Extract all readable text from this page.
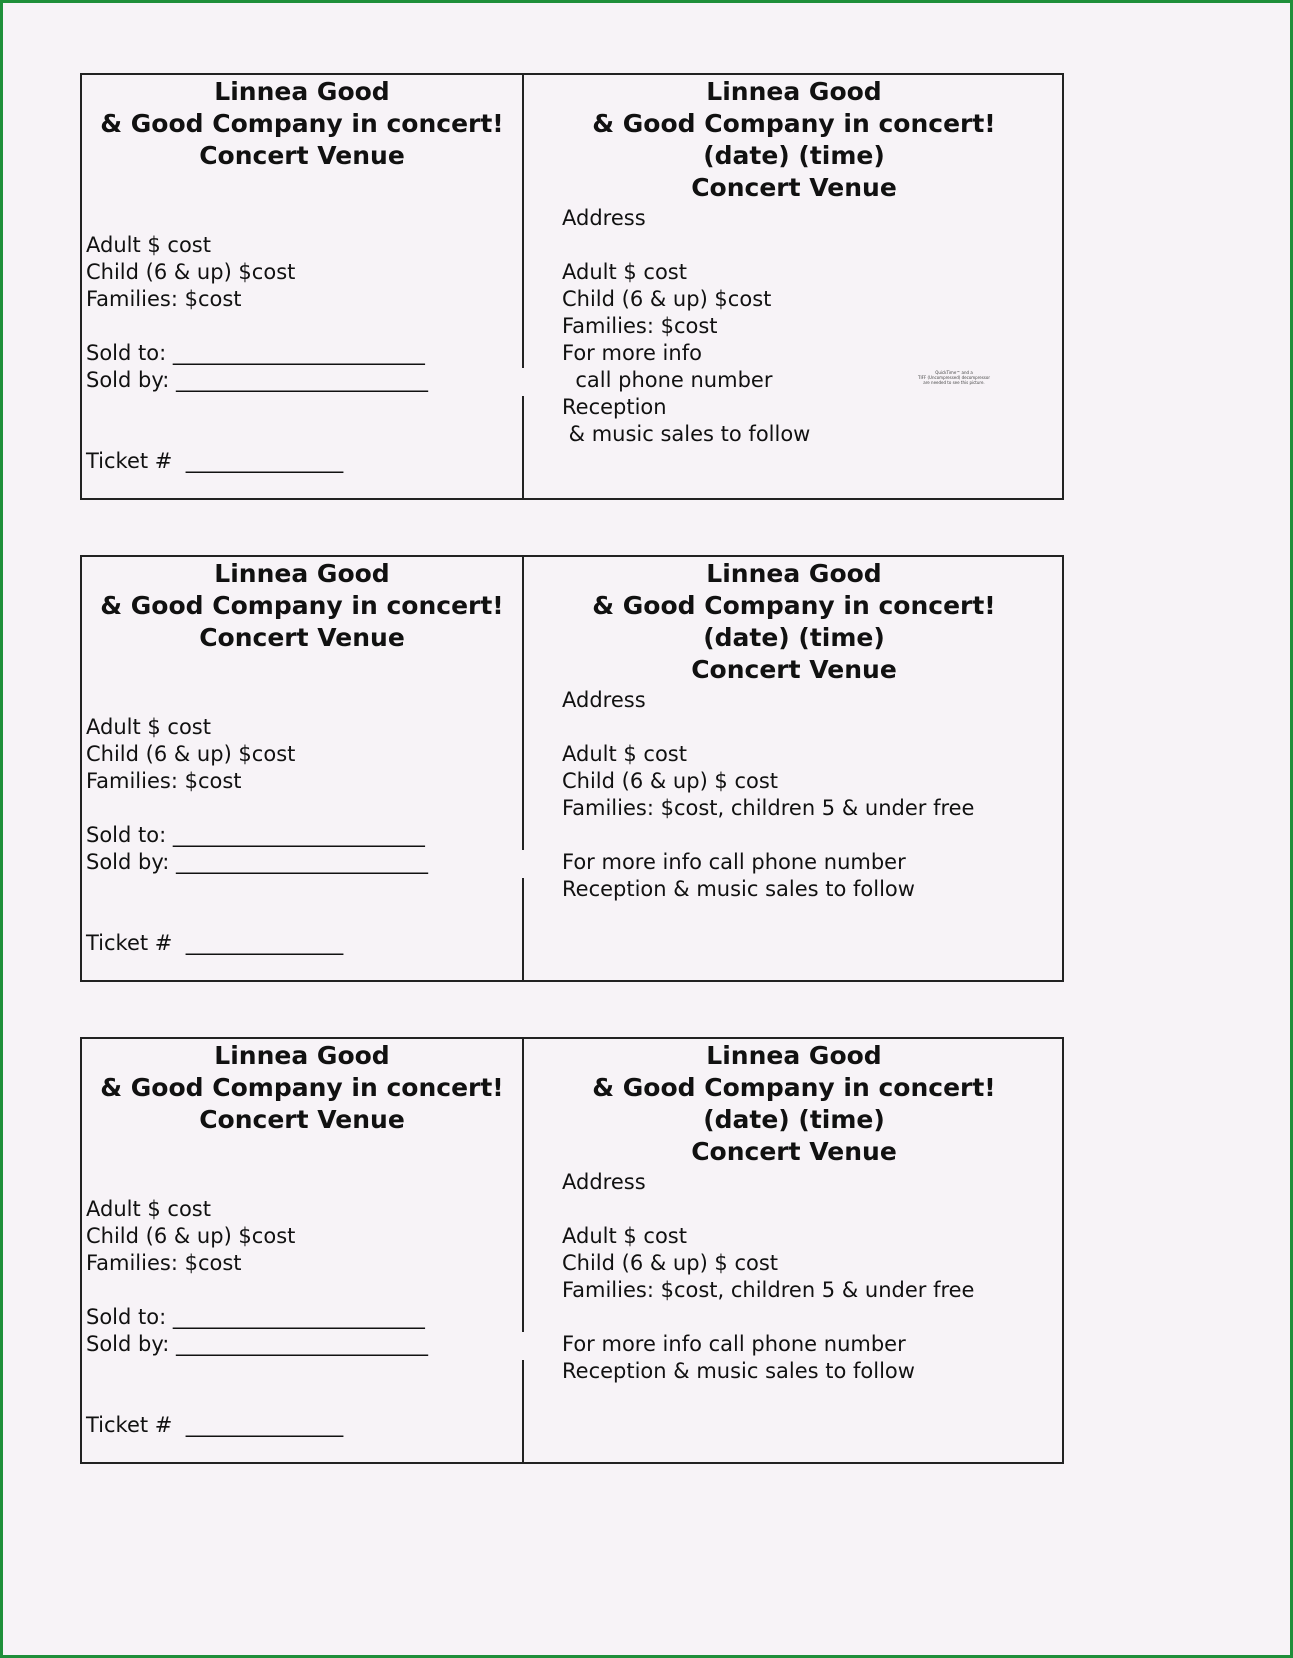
Linnea Good
& Good Company in concert!
Concert Venue
Adult $ cost
Child (6 & up) $cost
Families: $cost
Sold to: ________________________
Sold by: ________________________
Ticket #  _______________
Linnea Good
& Good Company in concert!
(date) (time)
Concert Venue
Address
Adult $ cost
Child (6 & up) $cost
Families: $cost
For more info
call phone number
Reception
& music sales to follow
QuickTime™ and a
TIFF (Uncompressed) decompressor
are needed to see this picture.
Linnea Good
& Good Company in concert!
Concert Venue
Adult $ cost
Child (6 & up) $cost
Families: $cost
Sold to: ________________________
Sold by: ________________________
Ticket #  _______________
Linnea Good
& Good Company in concert!
(date) (time)
Concert Venue
Address
Adult $ cost
Child (6 & up) $ cost
Families: $cost, children 5 & under free
For more info call phone number
Reception & music sales to follow
Linnea Good
& Good Company in concert!
Concert Venue
Adult $ cost
Child (6 & up) $cost
Families: $cost
Sold to: ________________________
Sold by: ________________________
Ticket #  _______________
Linnea Good
& Good Company in concert!
(date) (time)
Concert Venue
Address
Adult $ cost
Child (6 & up) $ cost
Families: $cost, children 5 & under free
For more info call phone number
Reception & music sales to follow
